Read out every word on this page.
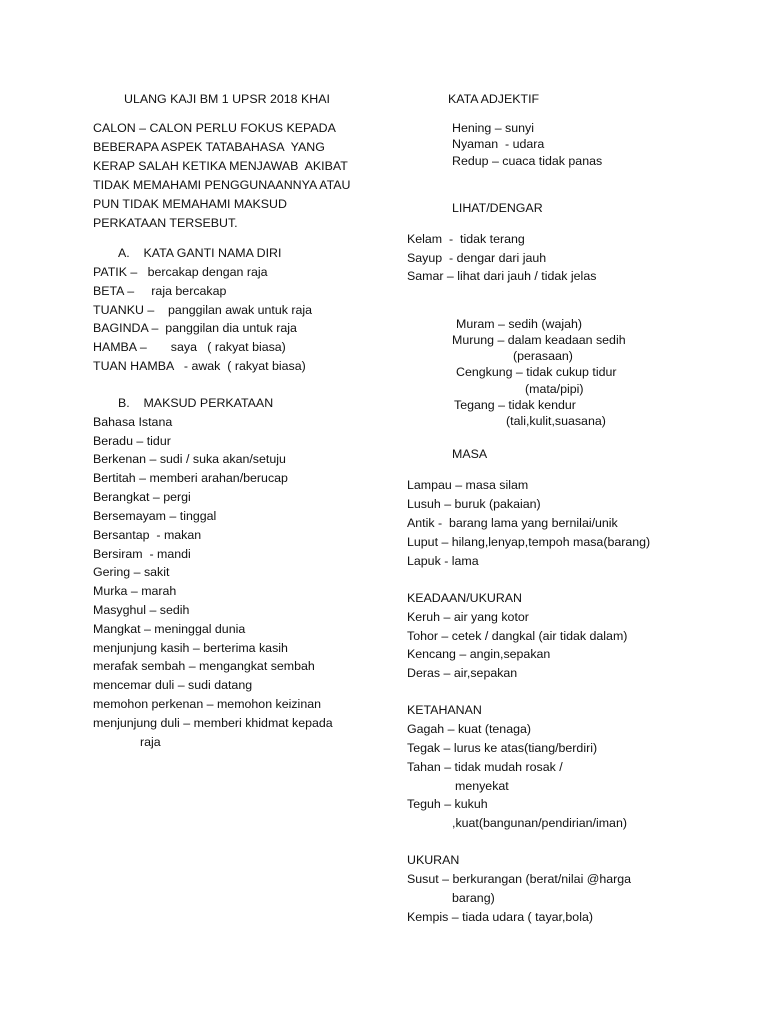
ULANG KAJI BM 1 UPSR 2018 KHAI
CALON – CALON PERLU FOKUS KEPADA
BEBERAPA ASPEK TATABAHASA  YANG
KERAP SALAH KETIKA MENJAWAB  AKIBAT
TIDAK MEMAHAMI PENGGUNAANNYA ATAU
PUN TIDAK MEMAHAMI MAKSUD
PERKATAAN TERSEBUT.
A.    KATA GANTI NAMA DIRI
PATIK –   bercakap dengan raja
BETA –     raja bercakap
TUANKU –    panggilan awak untuk raja
BAGINDA –  panggilan dia untuk raja
HAMBA –       saya   ( rakyat biasa)
TUAN HAMBA   - awak  ( rakyat biasa)
B.    MAKSUD PERKATAAN
Bahasa Istana
Beradu – tidur
Berkenan – sudi / suka akan/setuju
Bertitah – memberi arahan/berucap
Berangkat – pergi
Bersemayam – tinggal
Bersantap  - makan
Bersiram  - mandi
Gering – sakit
Murka – marah
Masyghul – sedih
Mangkat – meninggal dunia
menjunjung kasih – berterima kasih
merafak sembah – mengangkat sembah
mencemar duli – sudi datang
memohon perkenan – memohon keizinan
menjunjung duli – memberi khidmat kepada
raja
KATA ADJEKTIF
Hening – sunyi
Nyaman  - udara
Redup – cuaca tidak panas
LIHAT/DENGAR
Kelam  -  tidak terang
Sayup  - dengar dari jauh
Samar – lihat dari jauh / tidak jelas
Muram – sedih (wajah)
Murung – dalam keadaan sedih
(perasaan)
Cengkung – tidak cukup tidur
(mata/pipi)
Tegang – tidak kendur
(tali,kulit,suasana)
MASA
Lampau – masa silam
Lusuh – buruk (pakaian)
Antik -  barang lama yang bernilai/unik
Luput – hilang,lenyap,tempoh masa(barang)
Lapuk - lama
KEADAAN/UKURAN
Keruh – air yang kotor
Tohor – cetek / dangkal (air tidak dalam)
Kencang – angin,sepakan
Deras – air,sepakan
KETAHANAN
Gagah – kuat (tenaga)
Tegak – lurus ke atas(tiang/berdiri)
Tahan – tidak mudah rosak /
menyekat
Teguh – kukuh
,kuat(bangunan/pendirian/iman)
UKURAN
Susut – berkurangan (berat/nilai @harga
barang)
Kempis – tiada udara ( tayar,bola)
